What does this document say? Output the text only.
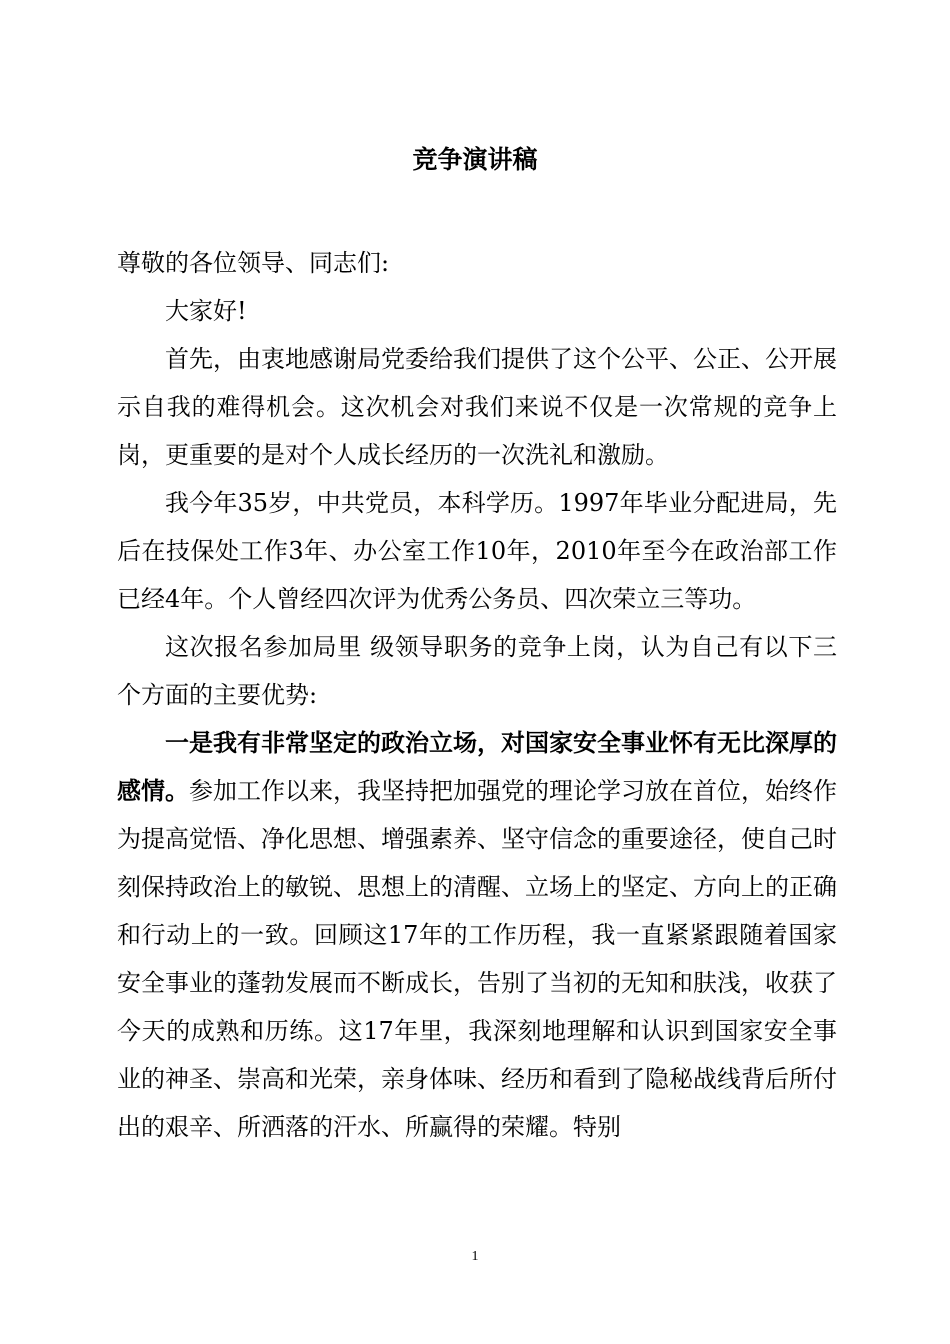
竞争演讲稿

尊敬的各位领导、同志们:

大家好!

首先，由衷地感谢局党委给我们提供了这个公平、公正、公开展示自我的难得机会。这次机会对我们来说不仅是一次常规的竞争上岗，更重要的是对个人成长经历的一次洗礼和激励。

我今年35岁，中共党员，本科学历。1997年毕业分配进局，先后在技保处工作3年、办公室工作10年，2010年至今在政治部工作已经4年。个人曾经四次评为优秀公务员、四次荣立三等功。

这次报名参加局里 级领导职务的竞争上岗，认为自己有以下三个方面的主要优势:

一是我有非常坚定的政治立场，对国家安全事业怀有无比深厚的感情。参加工作以来，我坚持把加强党的理论学习放在首位，始终作为提高觉悟、净化思想、增强素养、坚守信念的重要途径，使自己时刻保持政治上的敏锐、思想上的清醒、立场上的坚定、方向上的正确和行动上的一致。回顾这17年的工作历程，我一直紧紧跟随着国家安全事业的蓬勃发展而不断成长，告别了当初的无知和肤浅，收获了今天的成熟和历练。这17年里，我深刻地理解和认识到国家安全事业的神圣、崇高和光荣，亲身体味、经历和看到了隐秘战线背后所付出的艰辛、所洒落的汗水、所赢得的荣耀。特别

1
